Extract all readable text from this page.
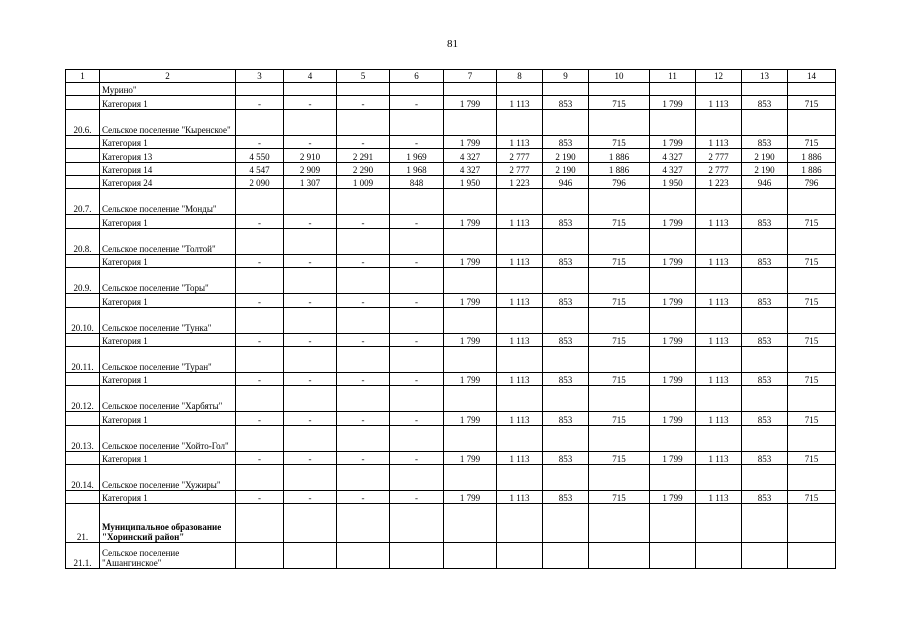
81
1	2	3	4	5	6	7	8	9	10	11	12	13	14
	Мурино"												
	Категория 1	-	-	-	-	1 799	1 113	853	715	1 799	1 113	853	715
20.6.	Сельское поселение "Кыренское"												
	Категория 1	-	-	-	-	1 799	1 113	853	715	1 799	1 113	853	715
	Категория 13	4 550	2 910	2 291	1 969	4 327	2 777	2 190	1 886	4 327	2 777	2 190	1 886
	Категория 14	4 547	2 909	2 290	1 968	4 327	2 777	2 190	1 886	4 327	2 777	2 190	1 886
	Категория 24	2 090	1 307	1 009	848	1 950	1 223	946	796	1 950	1 223	946	796
20.7.	Сельское поселение "Монды"												
	Категория 1	-	-	-	-	1 799	1 113	853	715	1 799	1 113	853	715
20.8.	Сельское поселение "Толтой"												
	Категория 1	-	-	-	-	1 799	1 113	853	715	1 799	1 113	853	715
20.9.	Сельское поселение "Торы"												
	Категория 1	-	-	-	-	1 799	1 113	853	715	1 799	1 113	853	715
20.10.	Сельское поселение "Тунка"												
	Категория 1	-	-	-	-	1 799	1 113	853	715	1 799	1 113	853	715
20.11.	Сельское поселение "Туран"												
	Категория 1	-	-	-	-	1 799	1 113	853	715	1 799	1 113	853	715
20.12.	Сельское поселение "Харбяты"												
	Категория 1	-	-	-	-	1 799	1 113	853	715	1 799	1 113	853	715
20.13.	Сельское поселение "Хойто-Гол"												
	Категория 1	-	-	-	-	1 799	1 113	853	715	1 799	1 113	853	715
20.14.	Сельское поселение "Хужиры"												
	Категория 1	-	-	-	-	1 799	1 113	853	715	1 799	1 113	853	715
21.	Муниципальное образование "Хоринский район"												
21.1.	Сельское поселение "Ашангинское"												
